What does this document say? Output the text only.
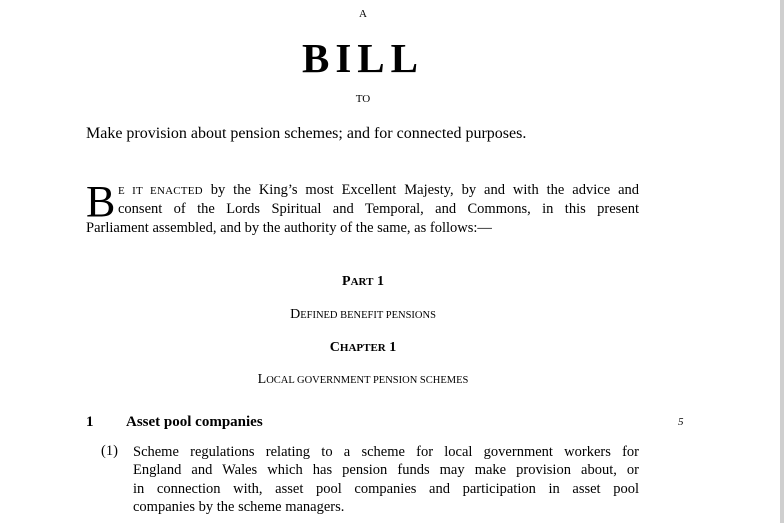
A
BILL
TO
Make provision about pension schemes; and for connected purposes.
B E IT ENACTED by the King’s most Excellent Majesty, by and with the advice and
consent of the Lords Spiritual and Temporal, and Commons, in this present
Parliament assembled, and by the authority of the same, as follows:—
PART 1
DEFINED BENEFIT PENSIONS
CHAPTER 1
LOCAL GOVERNMENT PENSION SCHEMES
1 Asset pool companies	5
(1) Scheme regulations relating to a scheme for local government workers for
England and Wales which has pension funds may make provision about, or
in connection with, asset pool companies and participation in asset pool
companies by the scheme managers.
